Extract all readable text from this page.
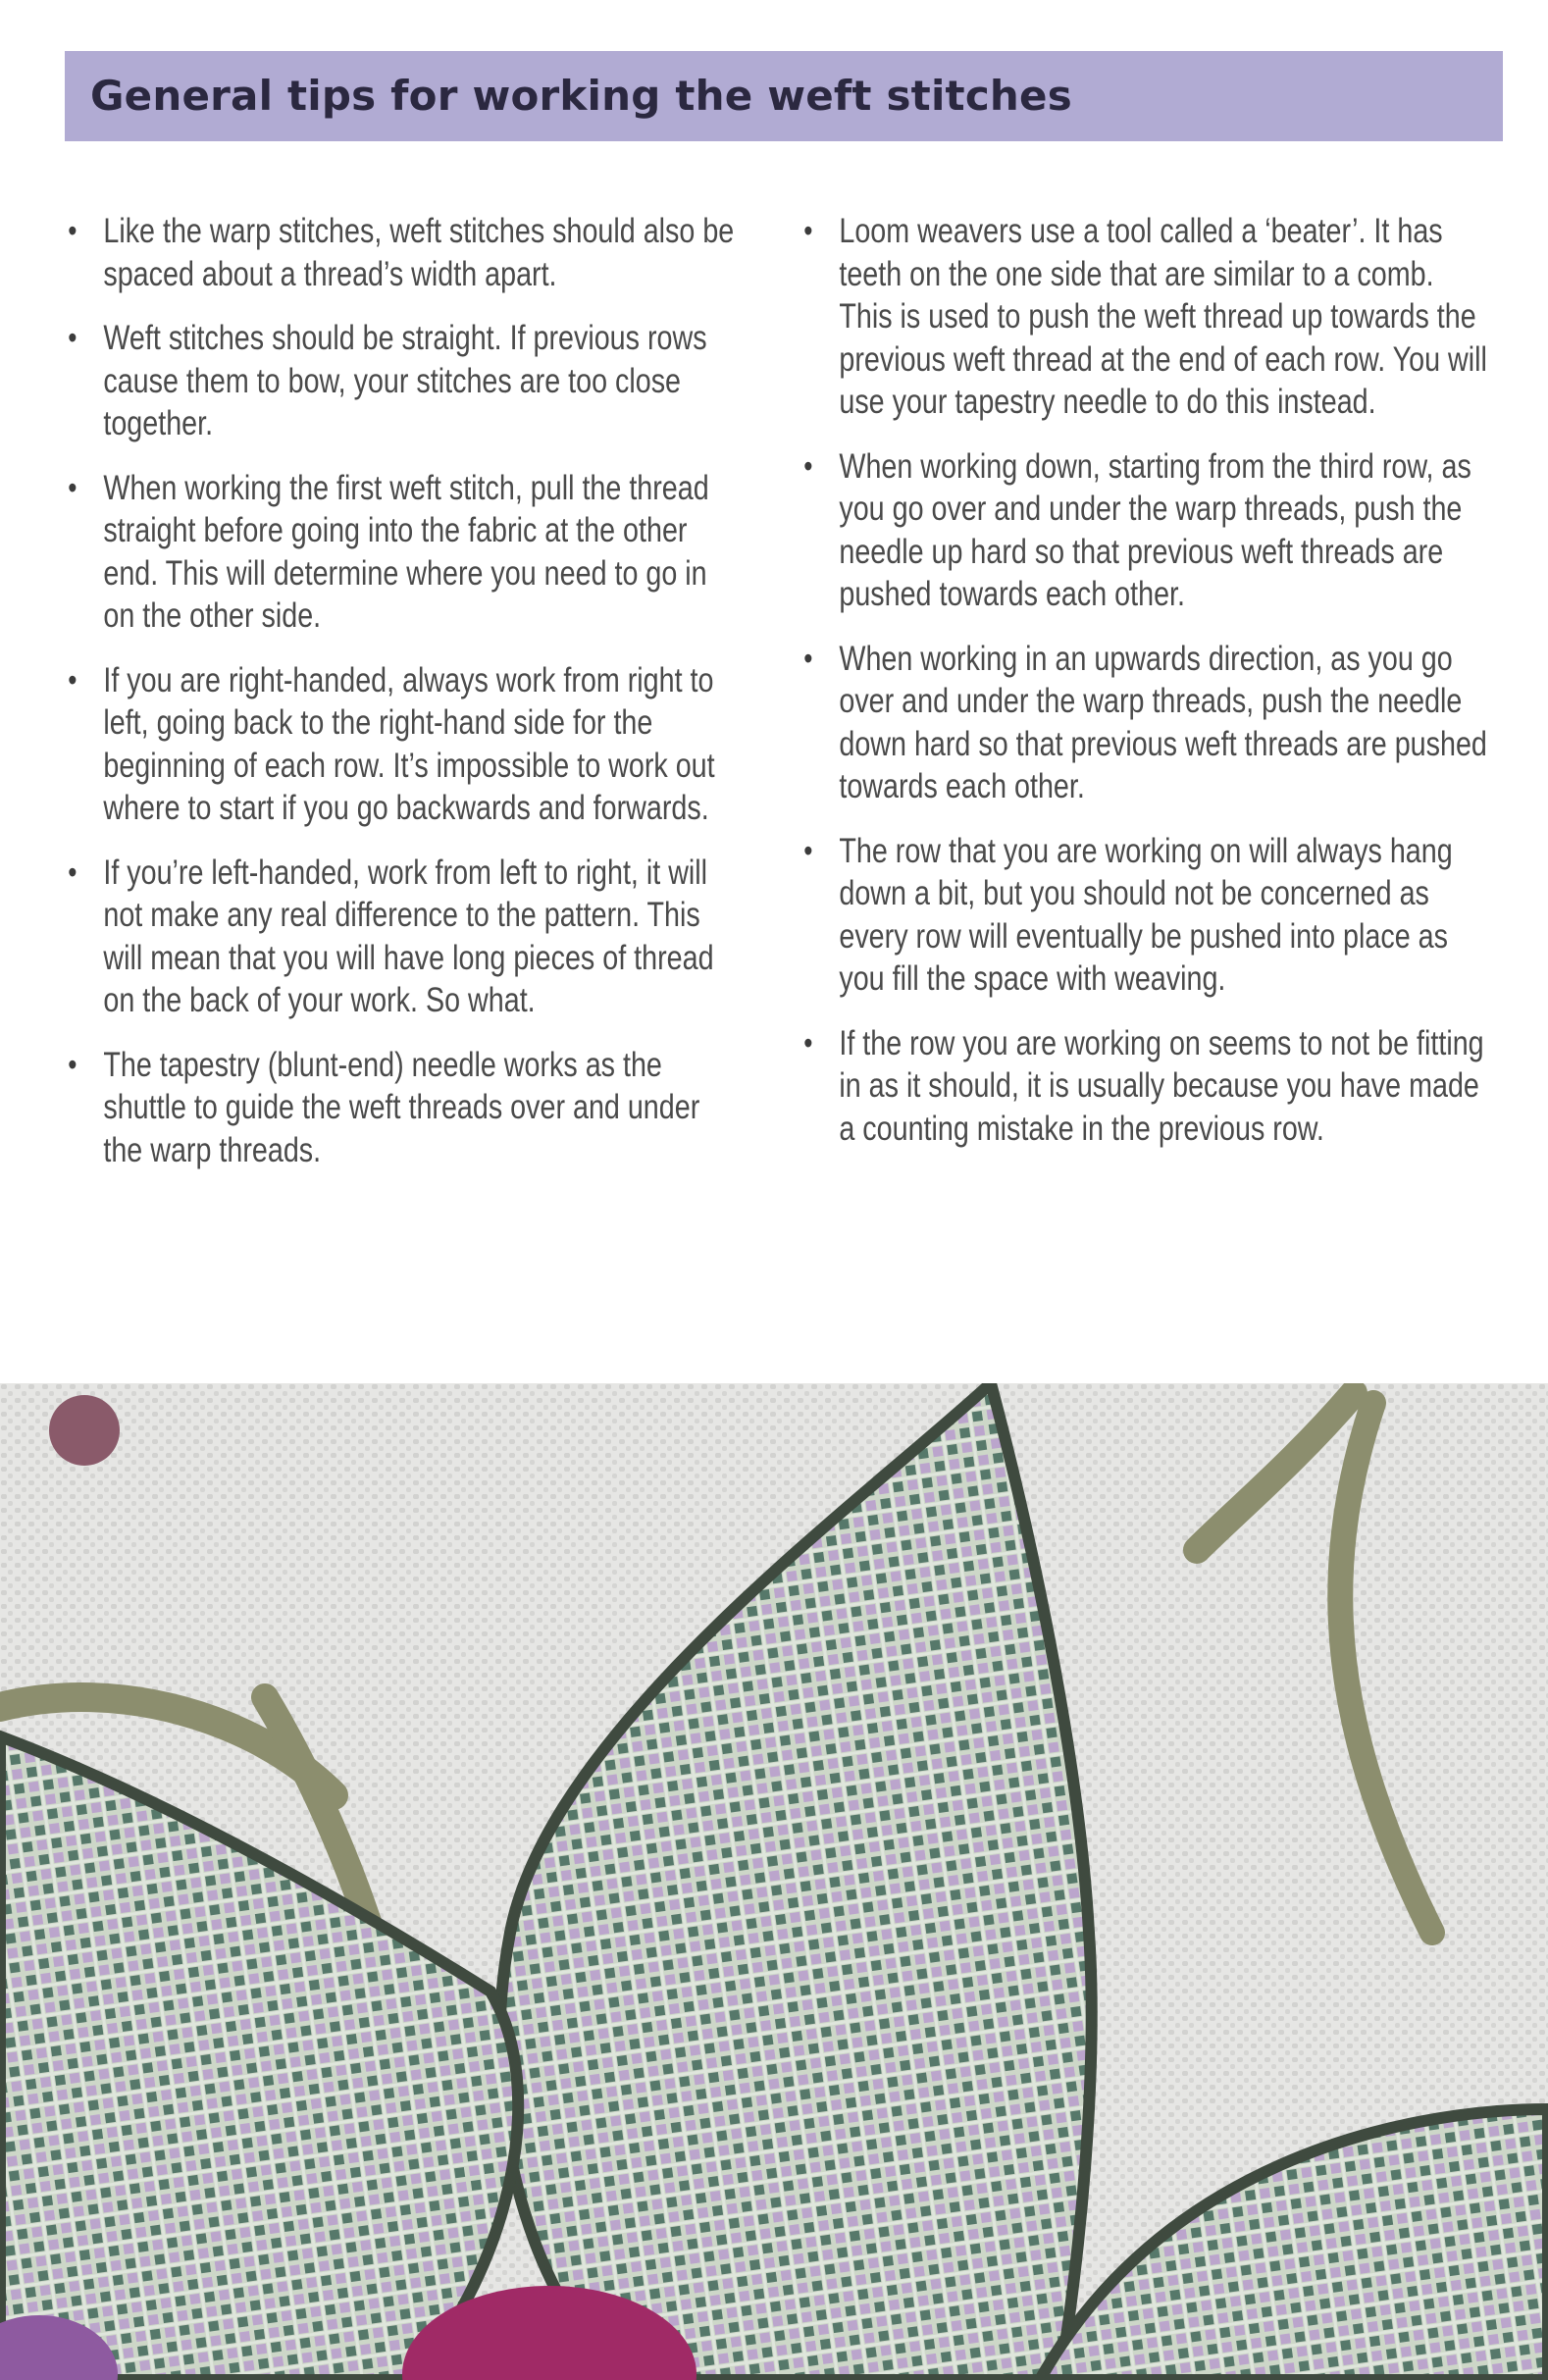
General tips for working the weft stitches
• Like the warp stitches, weft stitches should also be spaced about a thread’s width apart.
• Weft stitches should be straight. If previous rows cause them to bow, your stitches are too close together.
• When working the first weft stitch, pull the thread straight before going into the fabric at the other end. This will determine where you need to go in on the other side.
• If you are right-handed, always work from right to left, going back to the right-hand side for the beginning of each row. It’s impossible to work out where to start if you go backwards and forwards.
• If you’re left-handed, work from left to right, it will not make any real difference to the pattern. This will mean that you will have long pieces of thread on the back of your work. So what.
• The tapestry (blunt-end) needle works as the shuttle to guide the weft threads over and under the warp threads.
• Loom weavers use a tool called a ‘beater’. It has teeth on the one side that are similar to a comb. This is used to push the weft thread up towards the previous weft thread at the end of each row. You will use your tapestry needle to do this instead.
• When working down, starting from the third row, as you go over and under the warp threads, push the needle up hard so that previous weft threads are pushed towards each other.
• When working in an upwards direction, as you go over and under the warp threads, push the needle down hard so that previous weft threads are pushed towards each other.
• The row that you are working on will always hang down a bit, but you should not be concerned as every row will eventually be pushed into place as you fill the space with weaving.
• If the row you are working on seems to not be fitting in as it should, it is usually because you have made a counting mistake in the previous row.
